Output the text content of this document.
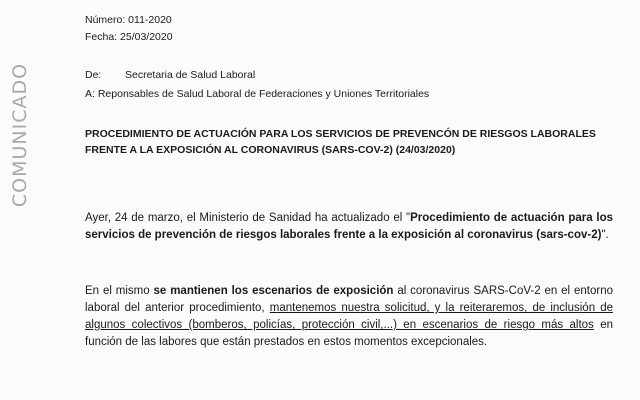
COMUNICADO
Número: 011-2020
Fecha: 25/03/2020
De: Secretaria de Salud Laboral
A: Reponsables de Salud Laboral de Federaciones y Uniones Territoriales
PROCEDIMIENTO DE ACTUACIÓN PARA LOS SERVICIOS DE PREVENCÓN DE RIESGOS LABORALES FRENTE A LA EXPOSICIÓN AL CORONAVIRUS (SARS-COV-2) (24/03/2020)

Ayer, 24 de marzo, el Ministerio de Sanidad ha actualizado el "Procedimiento de actuación para los servicios de prevención de riesgos laborales frente a la exposición al coronavirus (sars-cov-2)".

En el mismo se mantienen los escenarios de exposición al coronavirus SARS-CoV-2 en el entorno laboral del anterior procedimiento, mantenemos nuestra solicitud, y la reiteraremos, de inclusión de algunos colectivos (bomberos, policías, protección civil,...) en escenarios de riesgo más altos en función de las labores que están prestados en estos momentos excepcionales.
